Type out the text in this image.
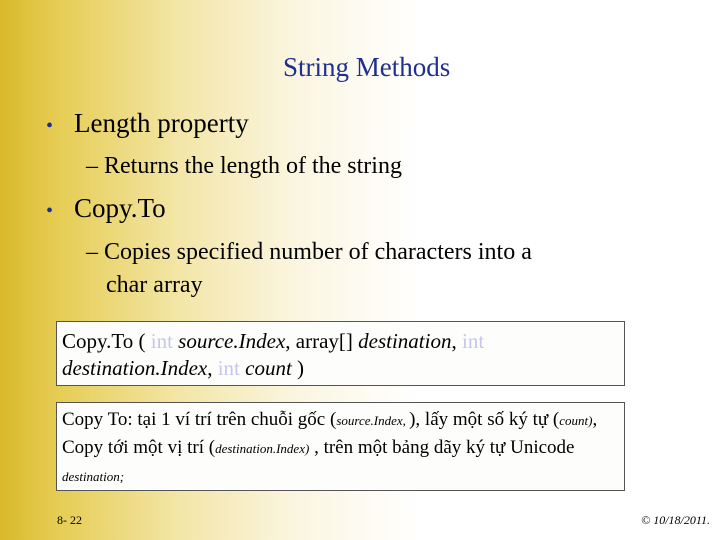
String Methods
• Length property
– Returns the length of the string
• Copy.To
– Copies specified number of characters into a
char array
Copy.To ( int source.Index, array[] destination, int
destination.Index, int count )
Copy To: tại 1 ví trí trên chuỗi gốc (source.Index, ), lấy một số ký tự (count), Copy tới một vị trí (destination.Index) , trên một bảng dãy ký tự Unicode destination;
8- 22	© 10/18/2011.
